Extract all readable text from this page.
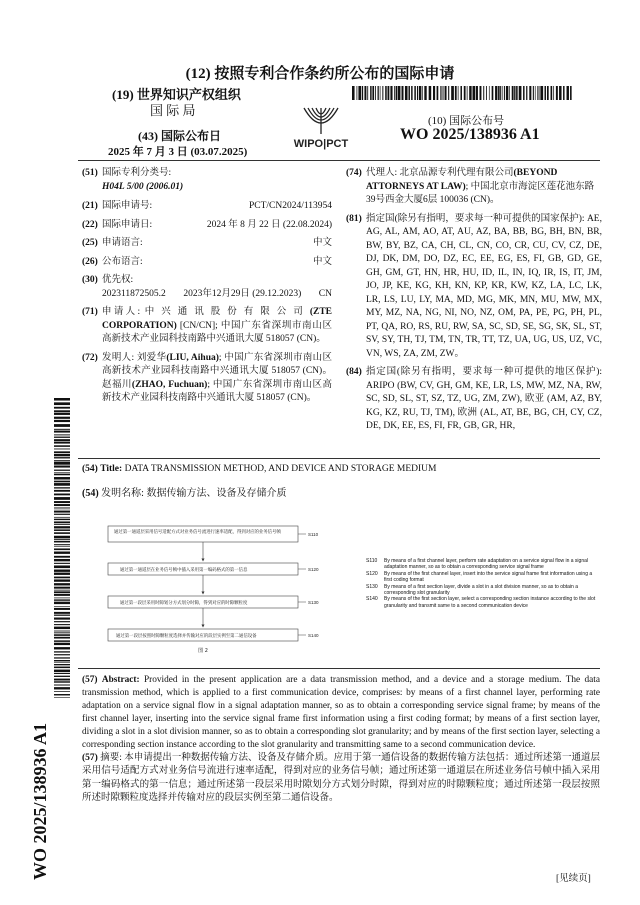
(12) 按照专利合作条约所公布的国际申请
(19) 世界知识产权组织
国 际 局
(43) 国际公布日
2025 年 7 月 3 日 (03.07.2025)
WIPO|PCT
(10) 国际公布号
WO 2025/138936 A1
WO 2025/138936 A1
(51) 国际专利分类号:
H04L 5/00 (2006.01)
(21) 国际申请号:	PCT/CN2024/113954
(22) 国际申请日:	2024 年 8 月 22 日 (22.08.2024)
(25) 申请语言:	中文
(26) 公布语言:	中文
(30) 优先权:
202311872505.2 2023年12月29日 (29.12.2023) CN
(71) 申请人: 中 兴 通 讯 股 份 有 限 公 司 (ZTE CORPORATION) [CN/CN]; 中国广东省深圳市南山区高新技术产业园科技南路中兴通讯大厦 518057 (CN)。
(72) 发明人: 刘爱华(LIU, Aihua); 中国广东省深圳市南山区高新技术产业园科技南路中兴通讯大厦 518057 (CN)。 赵福川(ZHAO, Fuchuan); 中国广东省深圳市南山区高新技术产业园科技南路中兴通讯大厦 518057 (CN)。
(74) 代理人: 北京品源专利代理有限公司(BEYOND ATTORNEYS AT LAW); 中国北京市海淀区莲花池东路39号西金大厦6层 100036 (CN)。
(81) 指定国(除另有指明，要求每一种可提供的国家保护): AE, AG, AL, AM, AO, AT, AU, AZ, BA, BB, BG, BH, BN, BR, BW, BY, BZ, CA, CH, CL, CN, CO, CR, CU, CV, CZ, DE, DJ, DK, DM, DO, DZ, EC, EE, EG, ES, FI, GB, GD, GE, GH, GM, GT, HN, HR, HU, ID, IL, IN, IQ, IR, IS, IT, JM, JO, JP, KE, KG, KH, KN, KP, KR, KW, KZ, LA, LC, LK, LR, LS, LU, LY, MA, MD, MG, MK, MN, MU, MW, MX, MY, MZ, NA, NG, NI, NO, NZ, OM, PA, PE, PG, PH, PL, PT, QA, RO, RS, RU, RW, SA, SC, SD, SE, SG, SK, SL, ST, SV, SY, TH, TJ, TM, TN, TR, TT, TZ, UA, UG, US, UZ, VC, VN, WS, ZA, ZM, ZW。
(84) 指定国(除另有指明，要求每一种可提供的地区保护): ARIPO (BW, CV, GH, GM, KE, LR, LS, MW, MZ, NA, RW, SC, SD, SL, ST, SZ, TZ, UG, ZM, ZW), 欧亚 (AM, AZ, BY, KG, KZ, RU, TJ, TM), 欧洲 (AL, AT, BE, BG, CH, CY, CZ, DE, DK, EE, ES, FI, FR, GB, GR, HR,
(54) Title: DATA TRANSMISSION METHOD, AND DEVICE AND STORAGE MEDIUM
(54) 发明名称: 数据传输方法、设备及存储介质
通过第一通道层采用信号适配方式对业务信号流进行速率适配，得到对应的业务信号帧	S110
通过第一通道层在业务信号帧中插入采用第一编码格式的第一信息	S120
通过第一段层采用时隙划分方式划分时隙，得到对应的时隙颗粒度	S130
通过第一段层按照时隙颗粒度选择并传输对应的段层实例至第二通信设备	S140
图 2
S110	By means of a first channel layer, perform rate adaptation on a service signal flow in a signal adaptation manner, so as to obtain a corresponding service signal frame
S120	By means of the first channel layer, insert into the service signal frame first information using a first coding format
S130	By means of a first section layer, divide a slot in a slot division manner, so as to obtain a corresponding slot granularity
S140	By means of the first section layer, select a corresponding section instance according to the slot granularity and transmit same to a second communication device
(57) Abstract: Provided in the present application are a data transmission method, and a device and a storage medium. The data transmission method, which is applied to a first communication device, comprises: by means of a first channel layer, performing rate adaptation on a service signal flow in a signal adaptation manner, so as to obtain a corresponding service signal frame; by means of the first channel layer, inserting into the service signal frame first information using a first coding format; by means of a first section layer, dividing a slot in a slot division manner, so as to obtain a corresponding slot granularity; and by means of the first section layer, selecting a corresponding section instance according to the slot granularity and transmitting same to a second communication device.
(57) 摘要: 本申请提出一种数据传输方法、设备及存储介质。应用于第一通信设备的数据传输方法包括：通过所述第一通道层采用信号适配方式对业务信号流进行速率适配，得到对应的业务信号帧；通过所述第一通道层在所述业务信号帧中插入采用第一编码格式的第一信息；通过所述第一段层采用时隙划分方式划分时隙，得到对应的时隙颗粒度；通过所述第一段层按照所述时隙颗粒度选择并传输对应的段层实例至第二通信设备。
[见续页]
